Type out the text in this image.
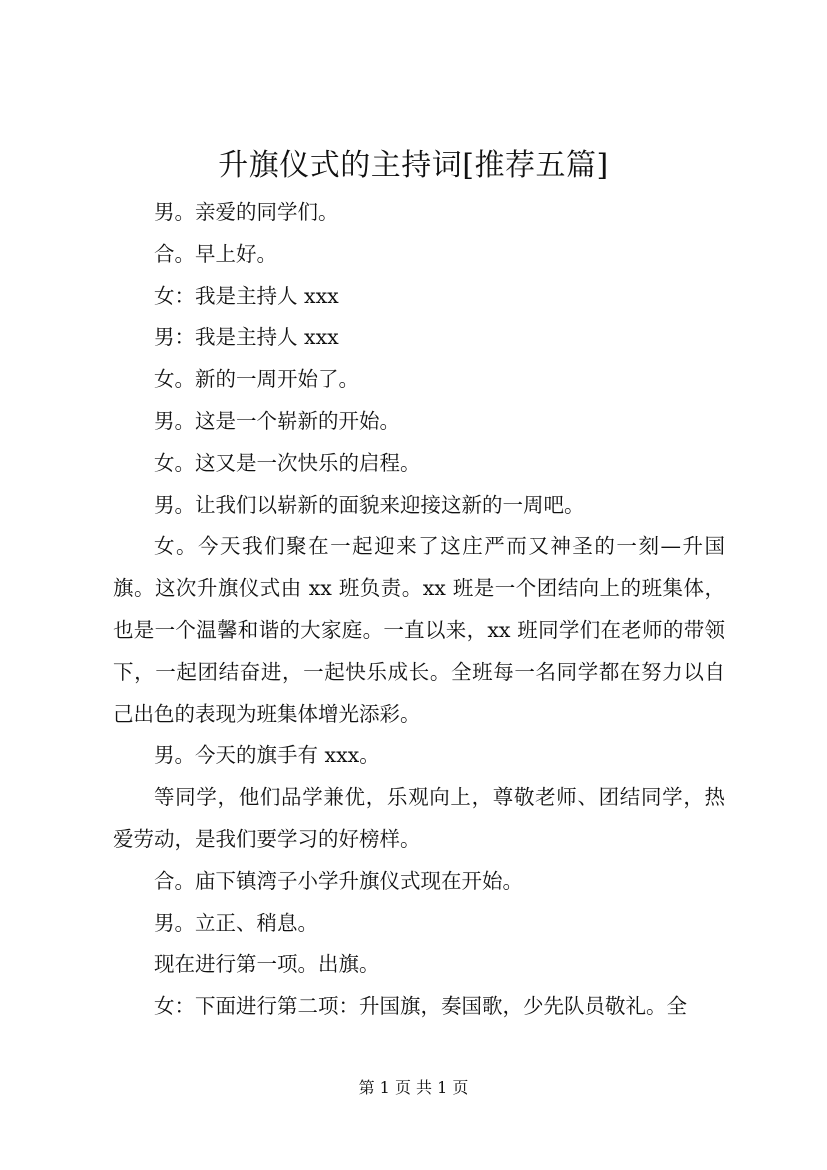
升旗仪式的主持词[推荐五篇]

男。亲爱的同学们。

合。早上好。

女：我是主持人 xxx

男：我是主持人 xxx

女。新的一周开始了。

男。这是一个崭新的开始。

女。这又是一次快乐的启程。

男。让我们以崭新的面貌来迎接这新的一周吧。

女。今天我们聚在一起迎来了这庄严而又神圣的一刻—升国旗。这次升旗仪式由 xx 班负责。xx 班是一个团结向上的班集体，也是一个温馨和谐的大家庭。一直以来，xx 班同学们在老师的带领下，一起团结奋进，一起快乐成长。全班每一名同学都在努力以自己出色的表现为班集体增光添彩。

男。今天的旗手有 xxx。

等同学，他们品学兼优，乐观向上，尊敬老师、团结同学，热爱劳动，是我们要学习的好榜样。

合。庙下镇湾子小学升旗仪式现在开始。

男。立正、稍息。

现在进行第一项。出旗。

女：下面进行第二项：升国旗，奏国歌，少先队员敬礼。全

第 1 页 共 1 页
